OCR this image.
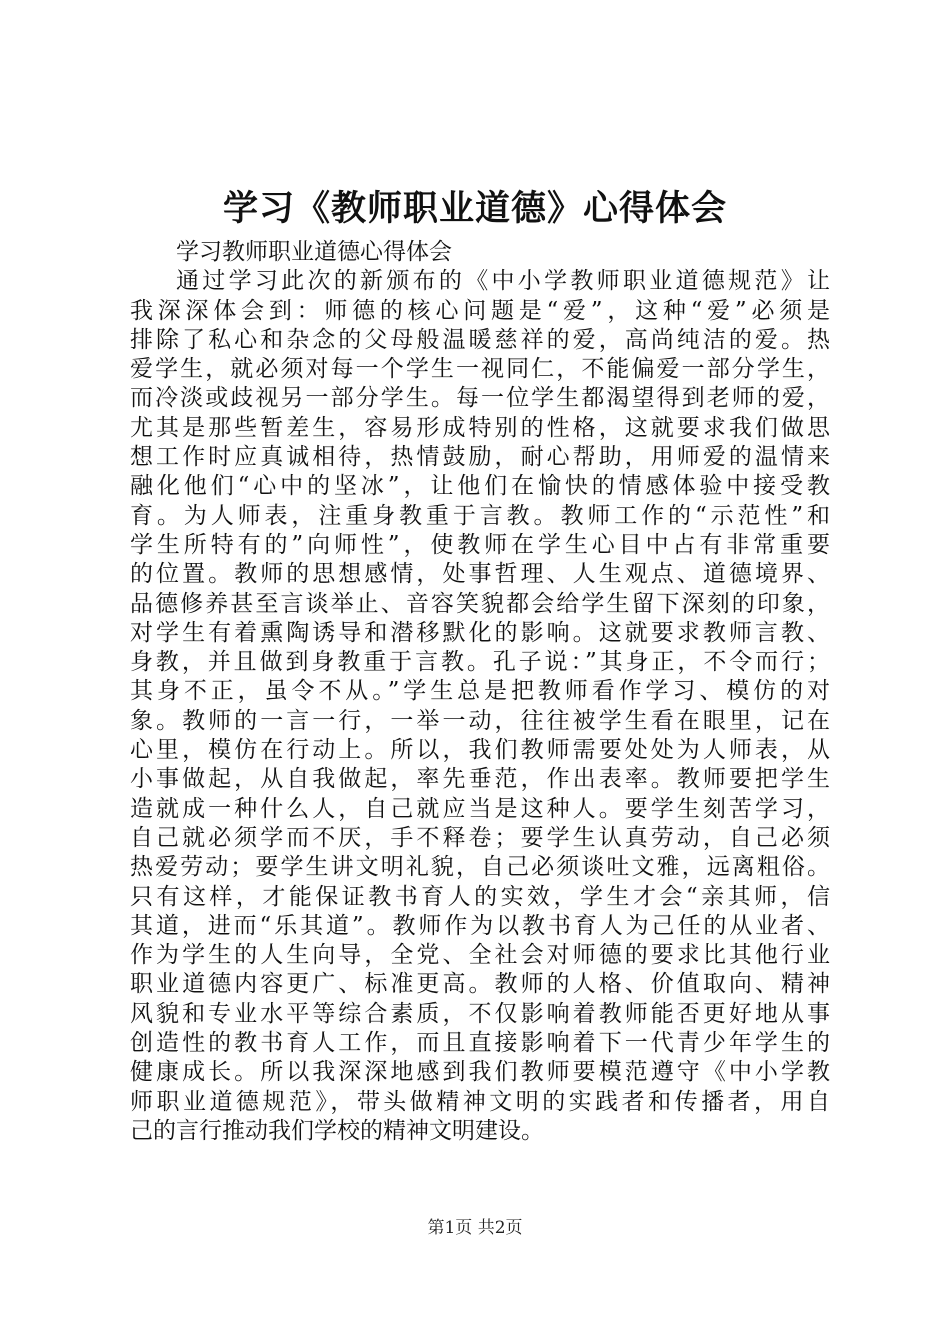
学习《教师职业道德》心得体会
学习教师职业道德心得体会
通过学习此次的新颁布的《中小学教师职业道德规范》让
我深深体会到：师德的核心问题是“爱”，这种“爱”必须是
排除了私心和杂念的父母般温暖慈祥的爱，高尚纯洁的爱。热
爱学生，就必须对每一个学生一视同仁，不能偏爱一部分学生，
而冷淡或歧视另一部分学生。每一位学生都渴望得到老师的爱，
尤其是那些暂差生，容易形成特别的性格，这就要求我们做思
想工作时应真诚相待，热情鼓励，耐心帮助，用师爱的温情来
融化他们“心中的坚冰”，让他们在愉快的情感体验中接受教
育。为人师表，注重身教重于言教。教师工作的“示范性”和
学生所特有的”向师性”，使教师在学生心目中占有非常重要
的位置。教师的思想感情，处事哲理、人生观点、道德境界、
品德修养甚至言谈举止、音容笑貌都会给学生留下深刻的印象，
对学生有着熏陶诱导和潜移默化的影响。这就要求教师言教、
身教，并且做到身教重于言教。孔子说：”其身正，不令而行；
其身不正，虽令不从。”学生总是把教师看作学习、模仿的对
象。教师的一言一行，一举一动，往往被学生看在眼里，记在
心里，模仿在行动上。所以，我们教师需要处处为人师表，从
小事做起，从自我做起，率先垂范，作出表率。教师要把学生
造就成一种什么人，自己就应当是这种人。要学生刻苦学习，
自己就必须学而不厌，手不释卷；要学生认真劳动，自己必须
热爱劳动；要学生讲文明礼貌，自己必须谈吐文雅，远离粗俗。
只有这样，才能保证教书育人的实效，学生才会“亲其师，信
其道，进而“乐其道”。教师作为以教书育人为己任的从业者、
作为学生的人生向导，全党、全社会对师德的要求比其他行业
职业道德内容更广、标准更高。教师的人格、价值取向、精神
风貌和专业水平等综合素质，不仅影响着教师能否更好地从事
创造性的教书育人工作，而且直接影响着下一代青少年学生的
健康成长。所以我深深地感到我们教师要模范遵守《中小学教
师职业道德规范》，带头做精神文明的实践者和传播者，用自
己的言行推动我们学校的精神文明建设。
第1页 共2页
